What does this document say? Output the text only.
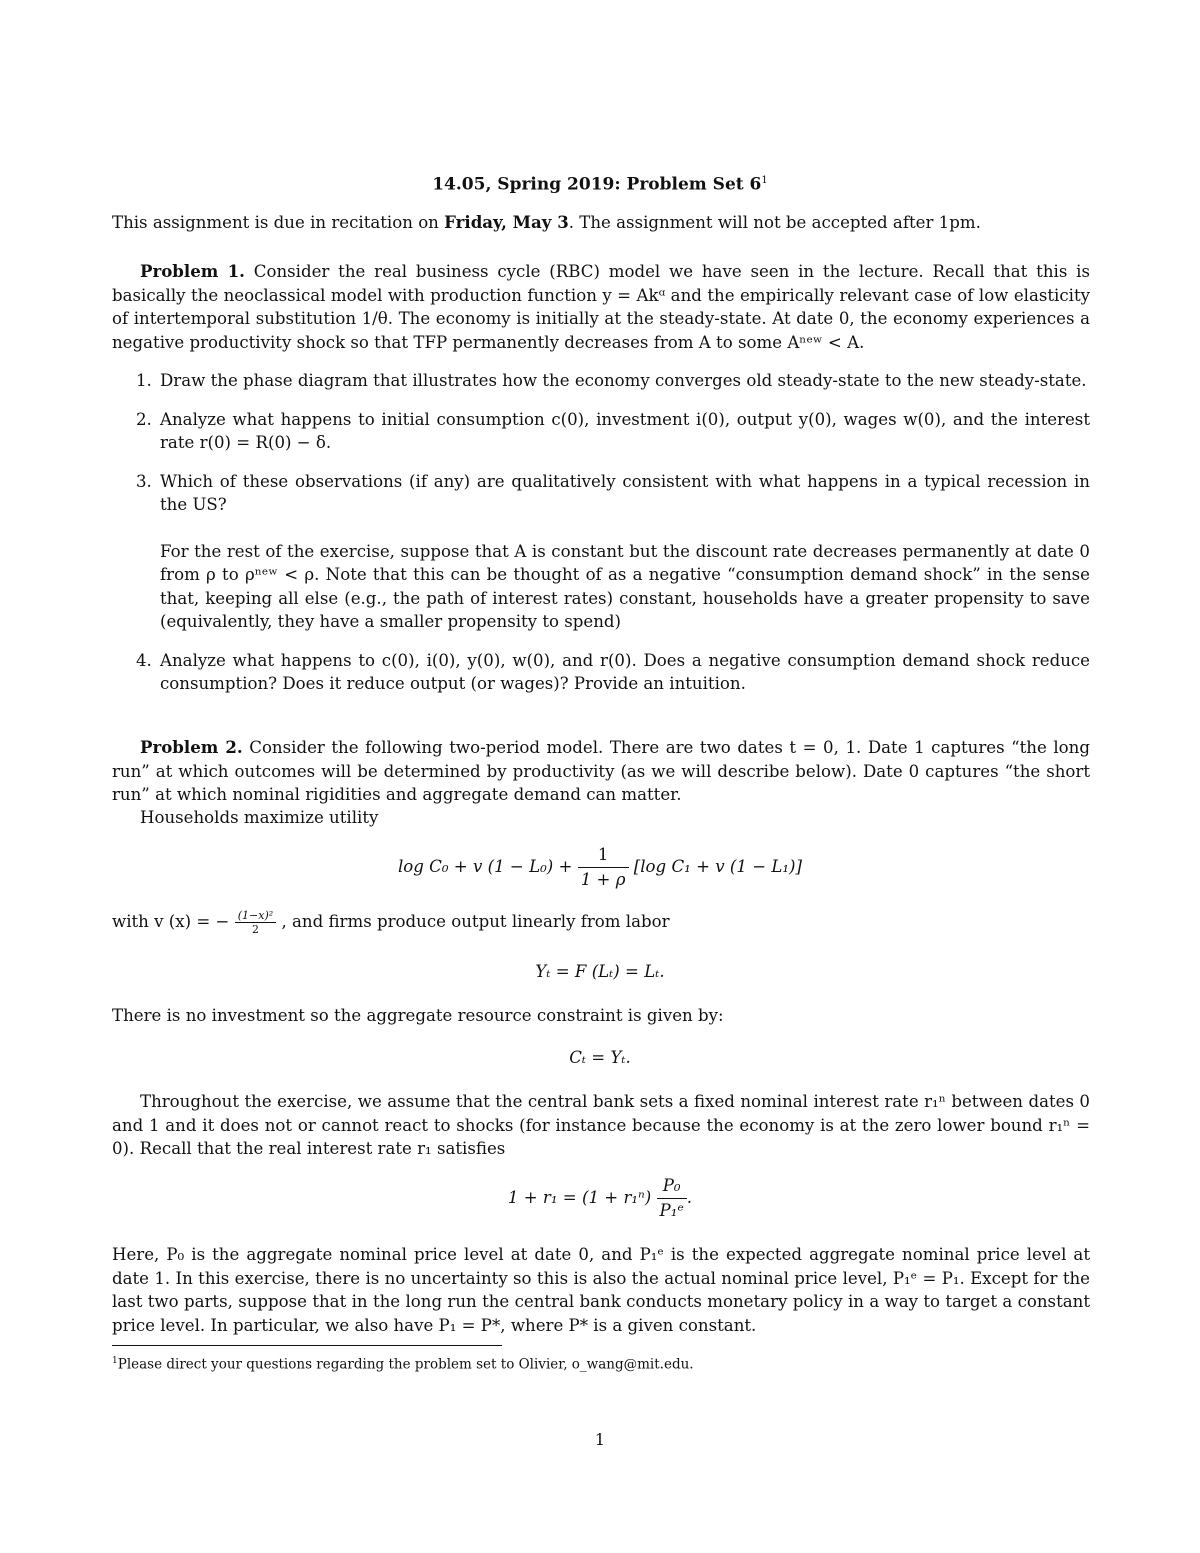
14.05, Spring 2019: Problem Set $6^1$
This assignment is due in recitation on Friday, May 3. The assignment will not be accepted after 1pm.
Problem 1. Consider the real business cycle (RBC) model we have seen in the lecture. Recall that this is basically the neoclassical model with production function y = Akᵅ and the empirically relevant case of low elasticity of intertemporal substitution 1/θ. The economy is initially at the steady-state. At date 0, the economy experiences a negative productivity shock so that TFP permanently decreases from A to some Aⁿᵉʷ < A.
1. Draw the phase diagram that illustrates how the economy converges old steady-state to the new steady-state.
2. Analyze what happens to initial consumption c(0), investment i(0), output y(0), wages w(0), and the interest rate r(0) = R(0) − δ.
3. Which of these observations (if any) are qualitatively consistent with what happens in a typical recession in the US?
For the rest of the exercise, suppose that A is constant but the discount rate decreases permanently at date 0 from ρ to ρⁿᵉʷ < ρ. Note that this can be thought of as a negative “consumption demand shock” in the sense that, keeping all else (e.g., the path of interest rates) constant, households have a greater propensity to save (equivalently, they have a smaller propensity to spend)
4. Analyze what happens to c(0), i(0), y(0), w(0), and r(0). Does a negative consumption demand shock reduce consumption? Does it reduce output (or wages)? Provide an intuition.
Problem 2. Consider the following two-period model. There are two dates t = 0, 1. Date 1 captures “the long run” at which outcomes will be determined by productivity (as we will describe below). Date 0 captures “the short run” at which nominal rigidities and aggregate demand can matter.
Households maximize utility
log C₀ + v $(1 - L_0) + \frac{1}{1 + \rho} [\log$ C₁ + v (1 − L₁)]
with v (x) = − $\frac{\text{(1−x)²}}{2}$ , and firms produce output linearly from labor
Yₜ = F (Lₜ) = Lₜ.
There is no investment so the aggregate resource constraint is given by:
Cₜ = Yₜ.
Throughout the exercise, we assume that the central bank sets a fixed nominal interest rate r₁ⁿ between dates 0 and 1 and it does not or cannot react to shocks (for instance because the economy is at the zero lower bound r₁ⁿ = 0). Recall that the real interest rate r₁ satisfies
$1 + r_1 = (1 + r_1^n) \frac{\text{P₀}}{\text{P₁ᵉ}}$ .
Here, P₀ is the aggregate nominal price level at date 0, and P₁ᵉ is the expected aggregate nominal price level at date 1. In this exercise, there is no uncertainty so this is also the actual nominal price level, P₁ᵉ = P₁. Except for the last two parts, suppose that in the long run the central bank conducts monetary policy in a way to target a constant price level. In particular, we also have P₁ = P*, where P* is a given constant.
$^1$Please direct your questions regarding the problem set to Olivier, o_wang@mit.edu.
1
